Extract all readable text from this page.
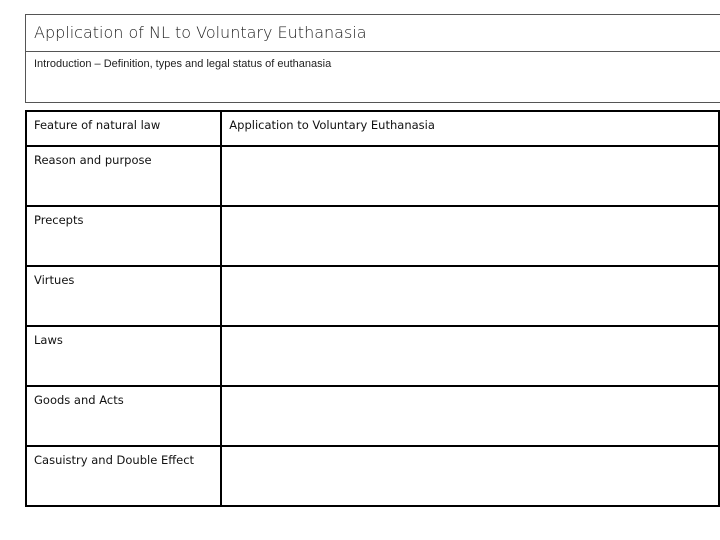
Application of NL to Voluntary Euthanasia
Introduction – Definition, types and legal status of euthanasia
Feature of natural law	Application to Voluntary Euthanasia
Reason and purpose	
Precepts	
Virtues	
Laws	
Goods and Acts	
Casuistry and Double Effect	
